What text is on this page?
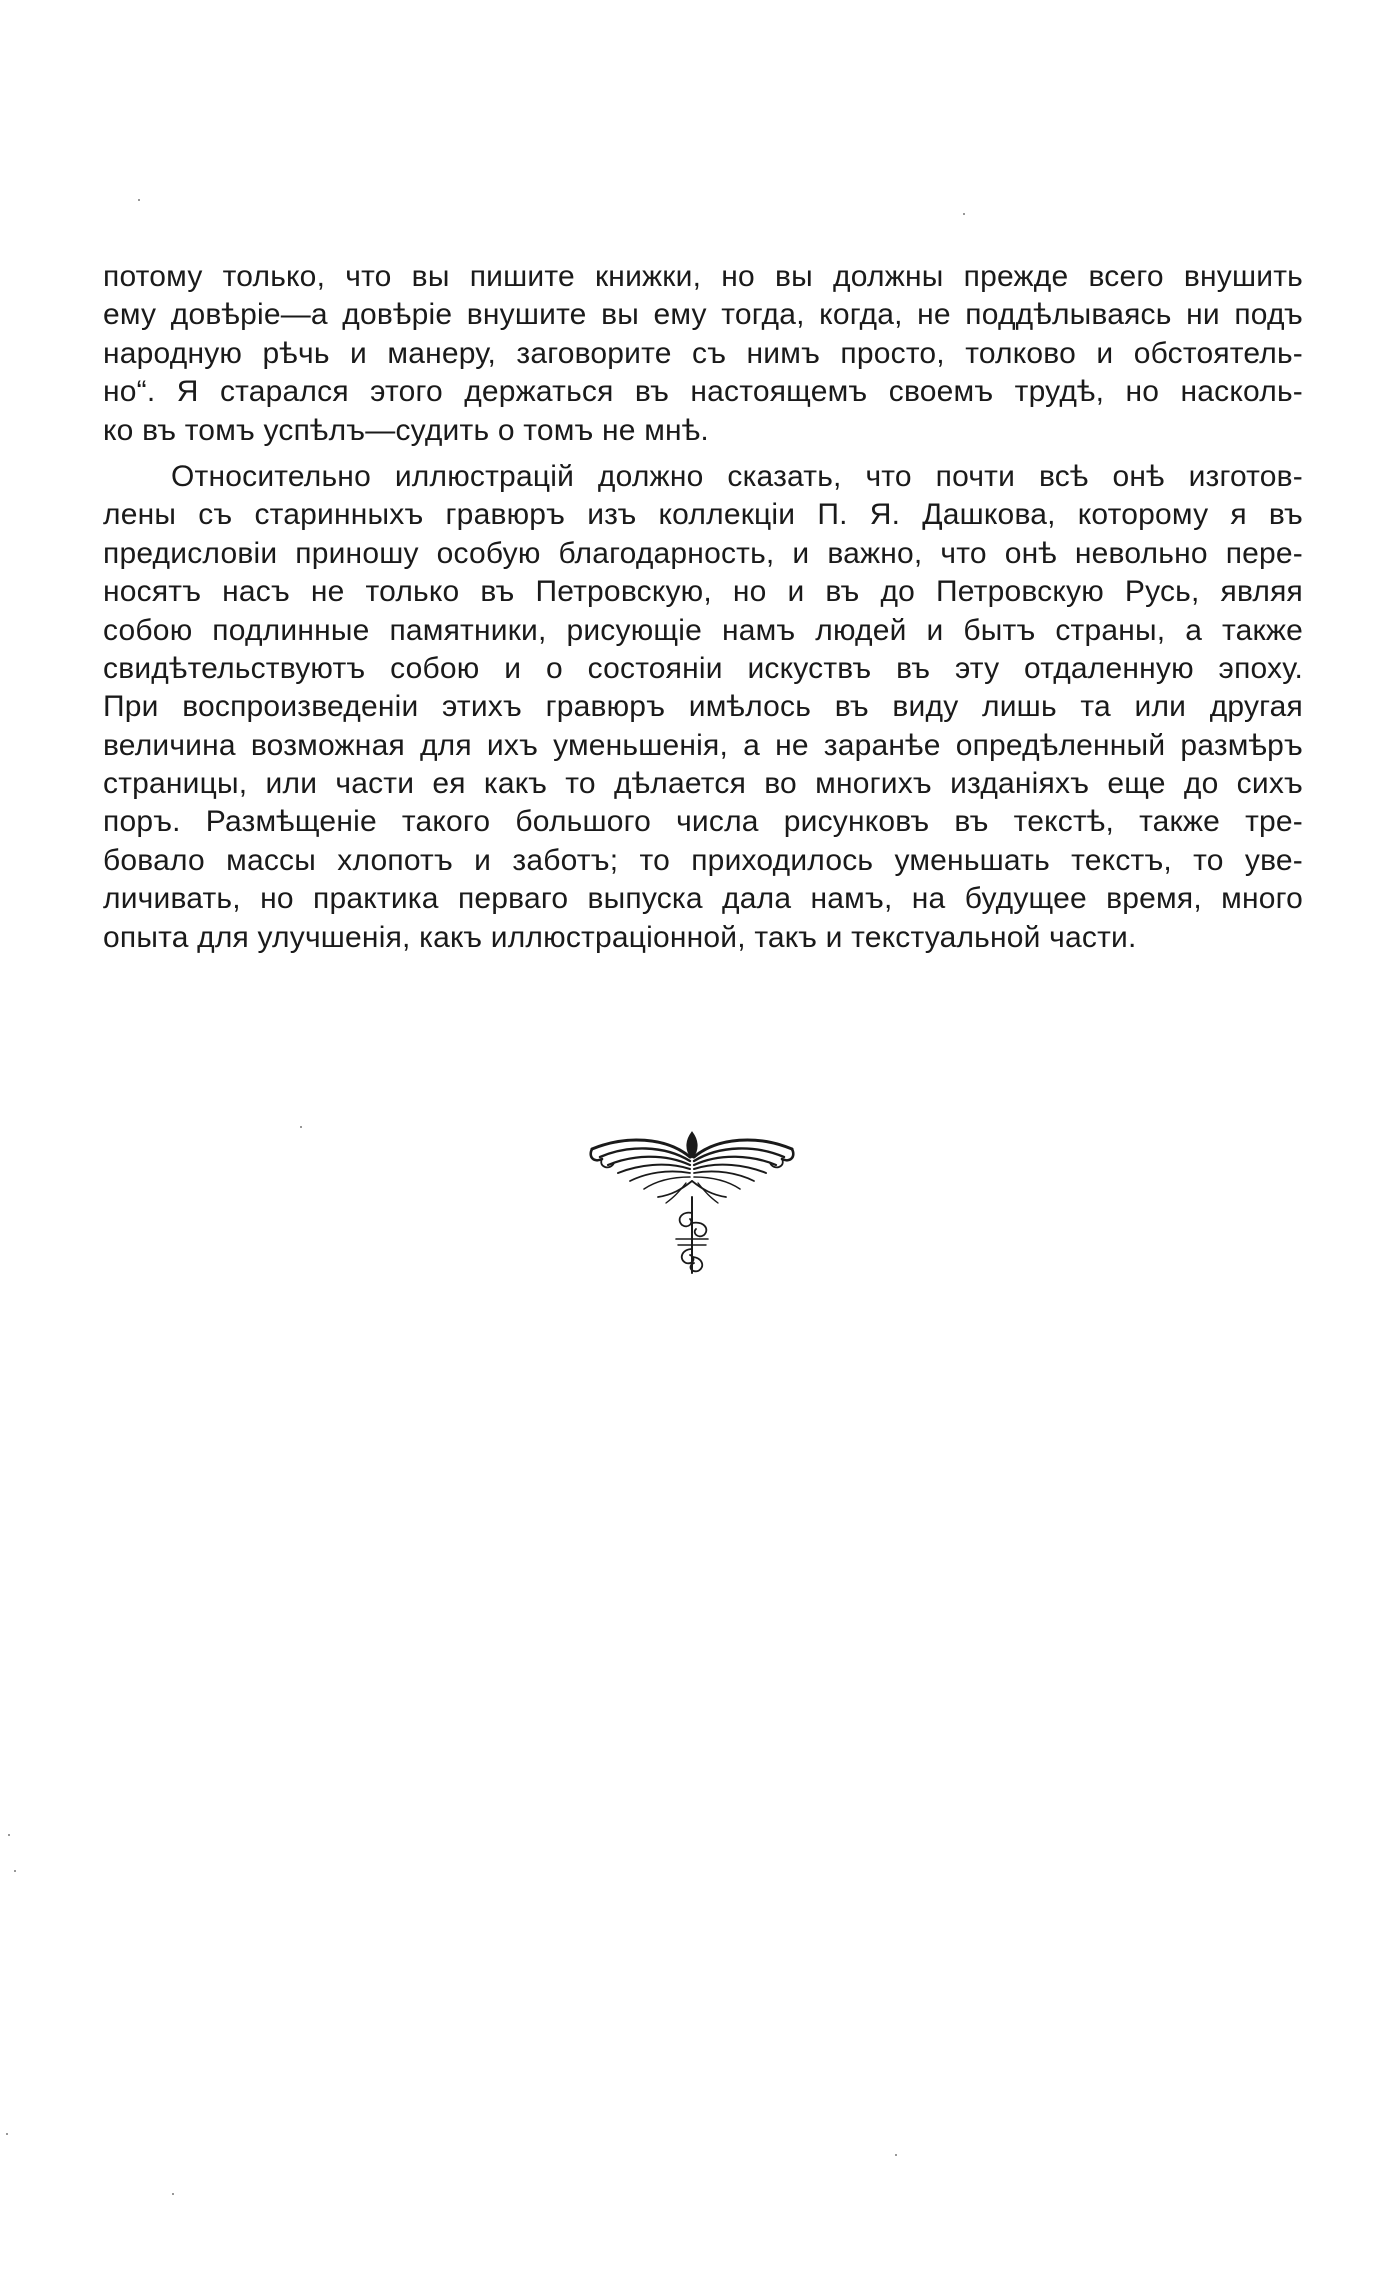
потому только, что вы пишите книжки, но вы должны прежде всего внушить
ему довѣріе—а довѣріе внушите вы ему тогда, когда, не поддѣлываясь ни подъ
народную рѣчь и манеру, заговорите съ нимъ просто, толково и обстоятель-
но“. Я старался этого держаться въ настоящемъ своемъ трудѣ, но насколь-
ко въ томъ успѣлъ—судить о томъ не мнѣ.
Относительно иллюстрацій должно сказать, что почти всѣ онѣ изготов-
лены съ старинныхъ гравюръ изъ коллекціи П. Я. Дашкова, которому я въ
предисловіи приношу особую благодарность, и важно, что онѣ невольно пере-
носятъ насъ не только въ Петровскую, но и въ до Петровскую Русь, являя
собою подлинные памятники, рисующіе намъ людей и бытъ страны, а также
свидѣтельствуютъ собою и о состояніи искуствъ въ эту отдаленную эпоху.
При воспроизведеніи этихъ гравюръ имѣлось въ виду лишь та или другая
величина возможная для ихъ уменьшенія, а не заранѣе опредѣленный размѣръ
страницы, или части ея какъ то дѣлается во многихъ изданіяхъ еще до сихъ
поръ. Размѣщеніе такого большого числа рисунковъ въ текстѣ, также тре-
бовало массы хлопотъ и заботъ; то приходилось уменьшать текстъ, то уве-
личивать, но практика перваго выпуска дала намъ, на будущее время, много
опыта для улучшенія, какъ иллюстраціонной, такъ и текстуальной части.
